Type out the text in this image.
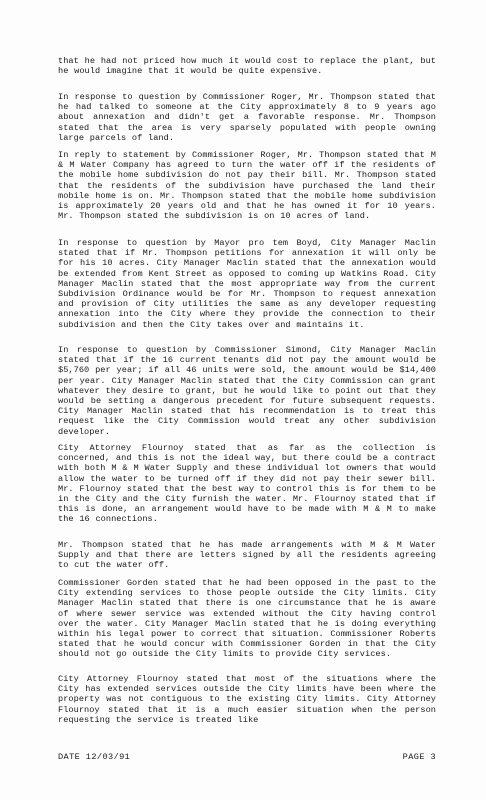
that he had not priced how much it would cost to replace the plant, but he would imagine that it would be quite expensive.

In response to question by Commissioner Roger, Mr. Thompson stated that he had talked to someone at the City approximately 8 to 9 years ago about annexation and didn't get a favorable response. Mr. Thompson stated that the area is very sparsely populated with people owning large parcels of land.

In reply to statement by Commissioner Roger, Mr. Thompson stated that M & M Water Company has agreed to turn the water off if the residents of the mobile home subdivision do not pay their bill. Mr. Thompson stated that the residents of the subdivision have purchased the land their mobile home is on. Mr. Thompson stated that the mobile home subdivision is approximately 20 years old and that he has owned it for 10 years. Mr. Thompson stated the subdivision is on 10 acres of land.

In response to question by Mayor pro tem Boyd, City Manager Maclin stated that if Mr. Thompson petitions for annexation it will only be for his 10 acres. City Manager Maclin stated that the annexation would be extended from Kent Street as opposed to coming up Watkins Road. City Manager Maclin stated that the most appropriate way from the current Subdivision Ordinance would be for Mr. Thompson to request annexation and provision of City utilities the same as any developer requesting annexation into the City where they provide the connection to their subdivision and then the City takes over and maintains it.

In response to question by Commissioner Simond, City Manager Maclin stated that if the 16 current tenants did not pay the amount would be $5,760 per year; if all 46 units were sold, the amount would be $14,400 per year. City Manager Maclin stated that the City Commission can grant whatever they desire to grant, but he would like to point out that they would be setting a dangerous precedent for future subsequent requests. City Manager Maclin stated that his recommendation is to treat this request like the City Commission would treat any other subdivision developer.

City Attorney Flournoy stated that as far as the collection is concerned, and this is not the ideal way, but there could be a contract with both M & M Water Supply and these individual lot owners that would allow the water to be turned off if they did not pay their sewer bill. Mr. Flournoy stated that the best way to control this is for them to be in the City and the City furnish the water. Mr. Flournoy stated that if this is done, an arrangement would have to be made with M & M to make the 16 connections.

Mr. Thompson stated that he has made arrangements with M & M Water Supply and that there are letters signed by all the residents agreeing to cut the water off.

Commissioner Gorden stated that he had been opposed in the past to the City extending services to those people outside the City limits. City Manager Maclin stated that there is one circumstance that he is aware of where sewer service was extended without the City having control over the water. City Manager Maclin stated that he is doing everything within his legal power to correct that situation. Commissioner Roberts stated that he would concur with Commissioner Gorden in that the City should not go outside the City limits to provide City services.

City Attorney Flournoy stated that most of the situations where the City has extended services outside the City limits have been where the property was not contiguous to the existing City limits. City Attorney Flournoy stated that it is a much easier situation when the person requesting the service is treated like

DATE 12/03/91	PAGE 3
